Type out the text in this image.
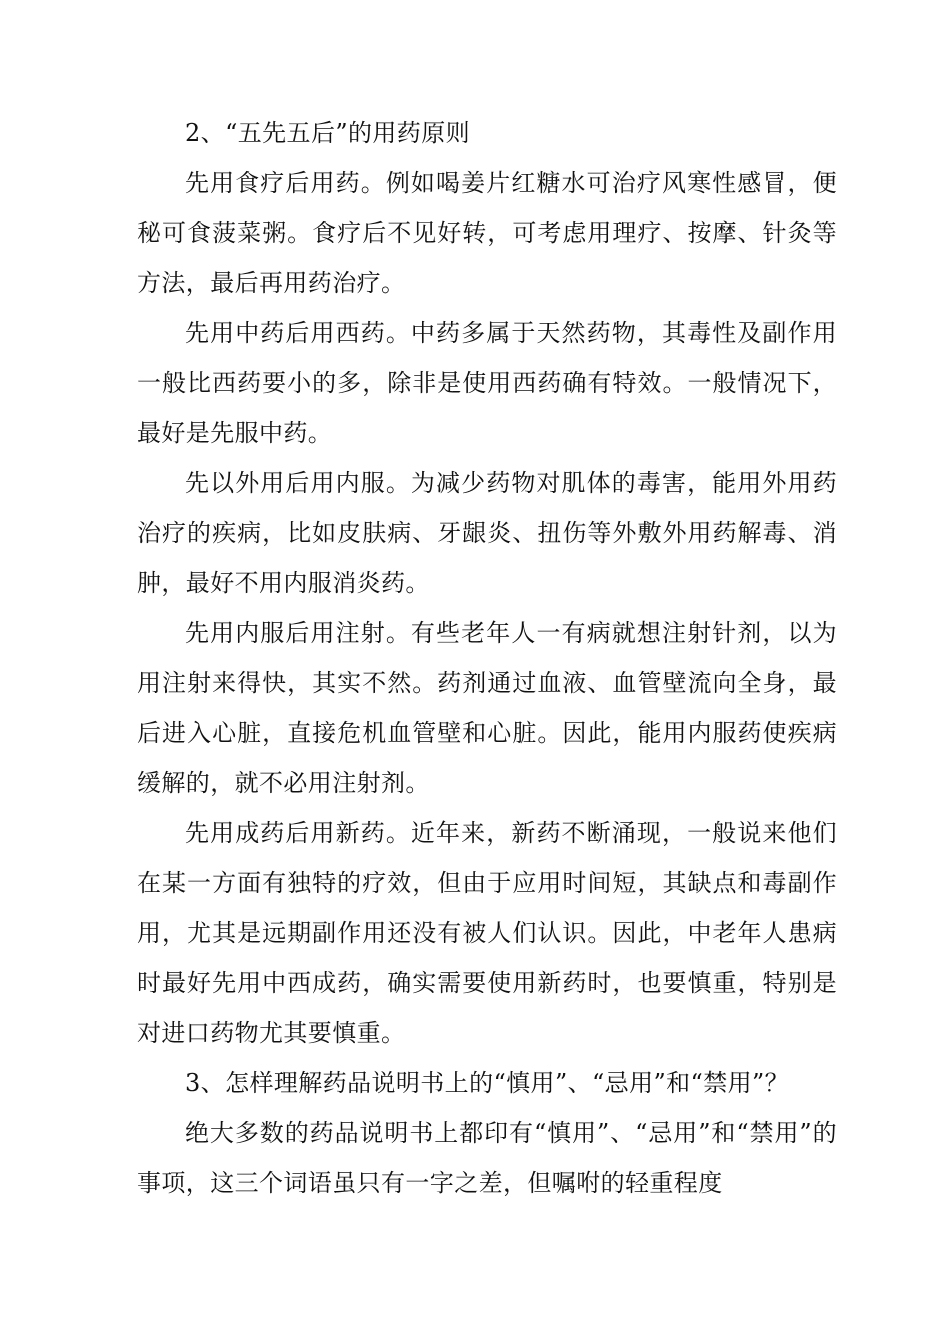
2、“五先五后”的用药原则

先用食疗后用药。例如喝姜片红糖水可治疗风寒性感冒，便秘可食菠菜粥。食疗后不见好转，可考虑用理疗、按摩、针灸等方法，最后再用药治疗。

先用中药后用西药。中药多属于天然药物，其毒性及副作用一般比西药要小的多，除非是使用西药确有特效。一般情况下，最好是先服中药。

先以外用后用内服。为减少药物对肌体的毒害，能用外用药治疗的疾病，比如皮肤病、牙龈炎、扭伤等外敷外用药解毒、消肿，最好不用内服消炎药。

先用内服后用注射。有些老年人一有病就想注射针剂，以为用注射来得快，其实不然。药剂通过血液、血管壁流向全身，最后进入心脏，直接危机血管壁和心脏。因此，能用内服药使疾病缓解的，就不必用注射剂。

先用成药后用新药。近年来，新药不断涌现，一般说来他们在某一方面有独特的疗效，但由于应用时间短，其缺点和毒副作用，尤其是远期副作用还没有被人们认识。因此，中老年人患病时最好先用中西成药，确实需要使用新药时，也要慎重，特别是对进口药物尤其要慎重。

3、怎样理解药品说明书上的“慎用”、“忌用”和“禁用”？

绝大多数的药品说明书上都印有“慎用”、“忌用”和“禁用”的事项，这三个词语虽只有一字之差，但嘱咐的轻重程度
